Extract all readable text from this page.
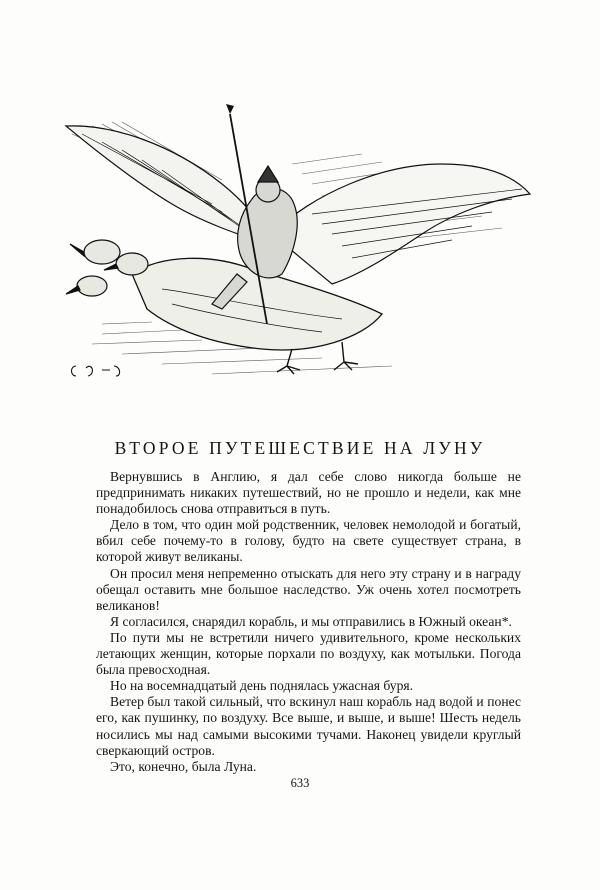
ВТОРОЕ ПУТЕШЕСТВИЕ НА ЛУНУ

Вернувшись в Англию, я дал себе слово никогда больше не предпринимать никаких путешествий, но не прошло и недели, как мне понадобилось снова отправиться в путь.

Дело в том, что один мой родственник, человек немолодой и богатый, вбил себе почему-то в голову, будто на свете существует страна, в которой живут великаны.

Он просил меня непременно отыскать для него эту страну и в награду обещал оставить мне большое наследство. Уж очень хотел посмотреть великанов!

Я согласился, снарядил корабль, и мы отправились в Южный океан*.

По пути мы не встретили ничего удивительного, кроме нескольких летающих женщин, которые порхали по воздуху, как мотыльки. Погода была превосходная.

Но на восемнадцатый день поднялась ужасная буря.

Ветер был такой сильный, что вскинул наш корабль над водой и понес его, как пушинку, по воздуху. Все выше, и выше, и выше! Шесть недель носились мы над самыми высокими тучами. Наконец увидели круглый сверкающий остров.

Это, конечно, была Луна.

633
